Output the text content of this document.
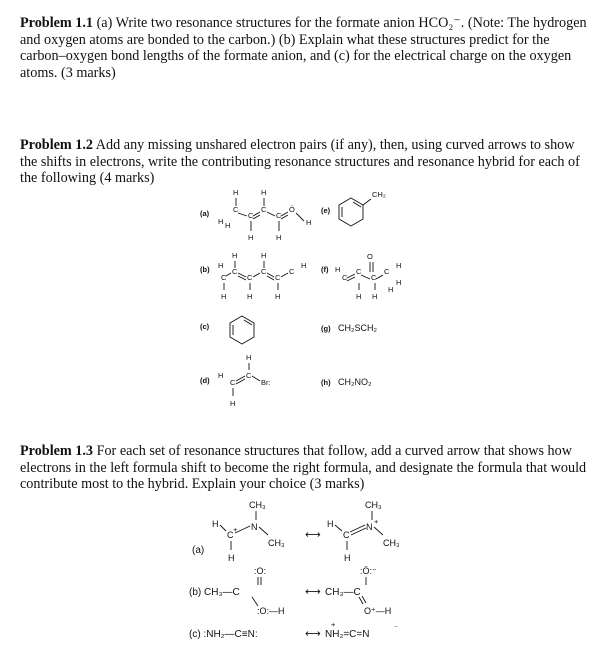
Problem 1.1 (a) Write two resonance structures for the formate anion HCO₂⁻. (Note: The hydrogen and oxygen atoms are bonded to the carbon.) (b) Explain what these structures predict for the carbon–oxygen bond lengths of the formate anion, and (c) for the electrical charge on the oxygen atoms. (3 marks)

Problem 1.2 Add any missing unshared electron pairs (if any), then, using curved arrows to show the shifts in electrons, write the contributing resonance structures and resonance hybrid for each of the following (4 marks)

Problem 1.3 For each set of resonance structures that follow, add a curved arrow that shows how electrons in the left formula shift to become the right formula, and designate the formula that would contribute most to the hybrid. Explain your choice (3 marks)

(a)
H	H
H H
C
C
C
C
Ö
H
H	H
(e)
CH₂
(b)
H	H
H
C
C
C
C
C
C
H
H	H	H
(f) H
C
C
C
O
C
H
H
H
H H
(c)	(g) CH₂SCH₂
(d)
H
C
H
C	Br:
H
(h) CH₂NO₂
(a)
CH₃
N
H
C
+
CH₃
H
⟷
CH₃
N
+
H
C
CH₃
H
:O:
(b) CH₃—C
:O:—H
⟷
:Ö:⁻
CH₃—C
O⁺—H
(c) :NH₂—C≡N:	⟷ NH₂=C=N
+	⁻
